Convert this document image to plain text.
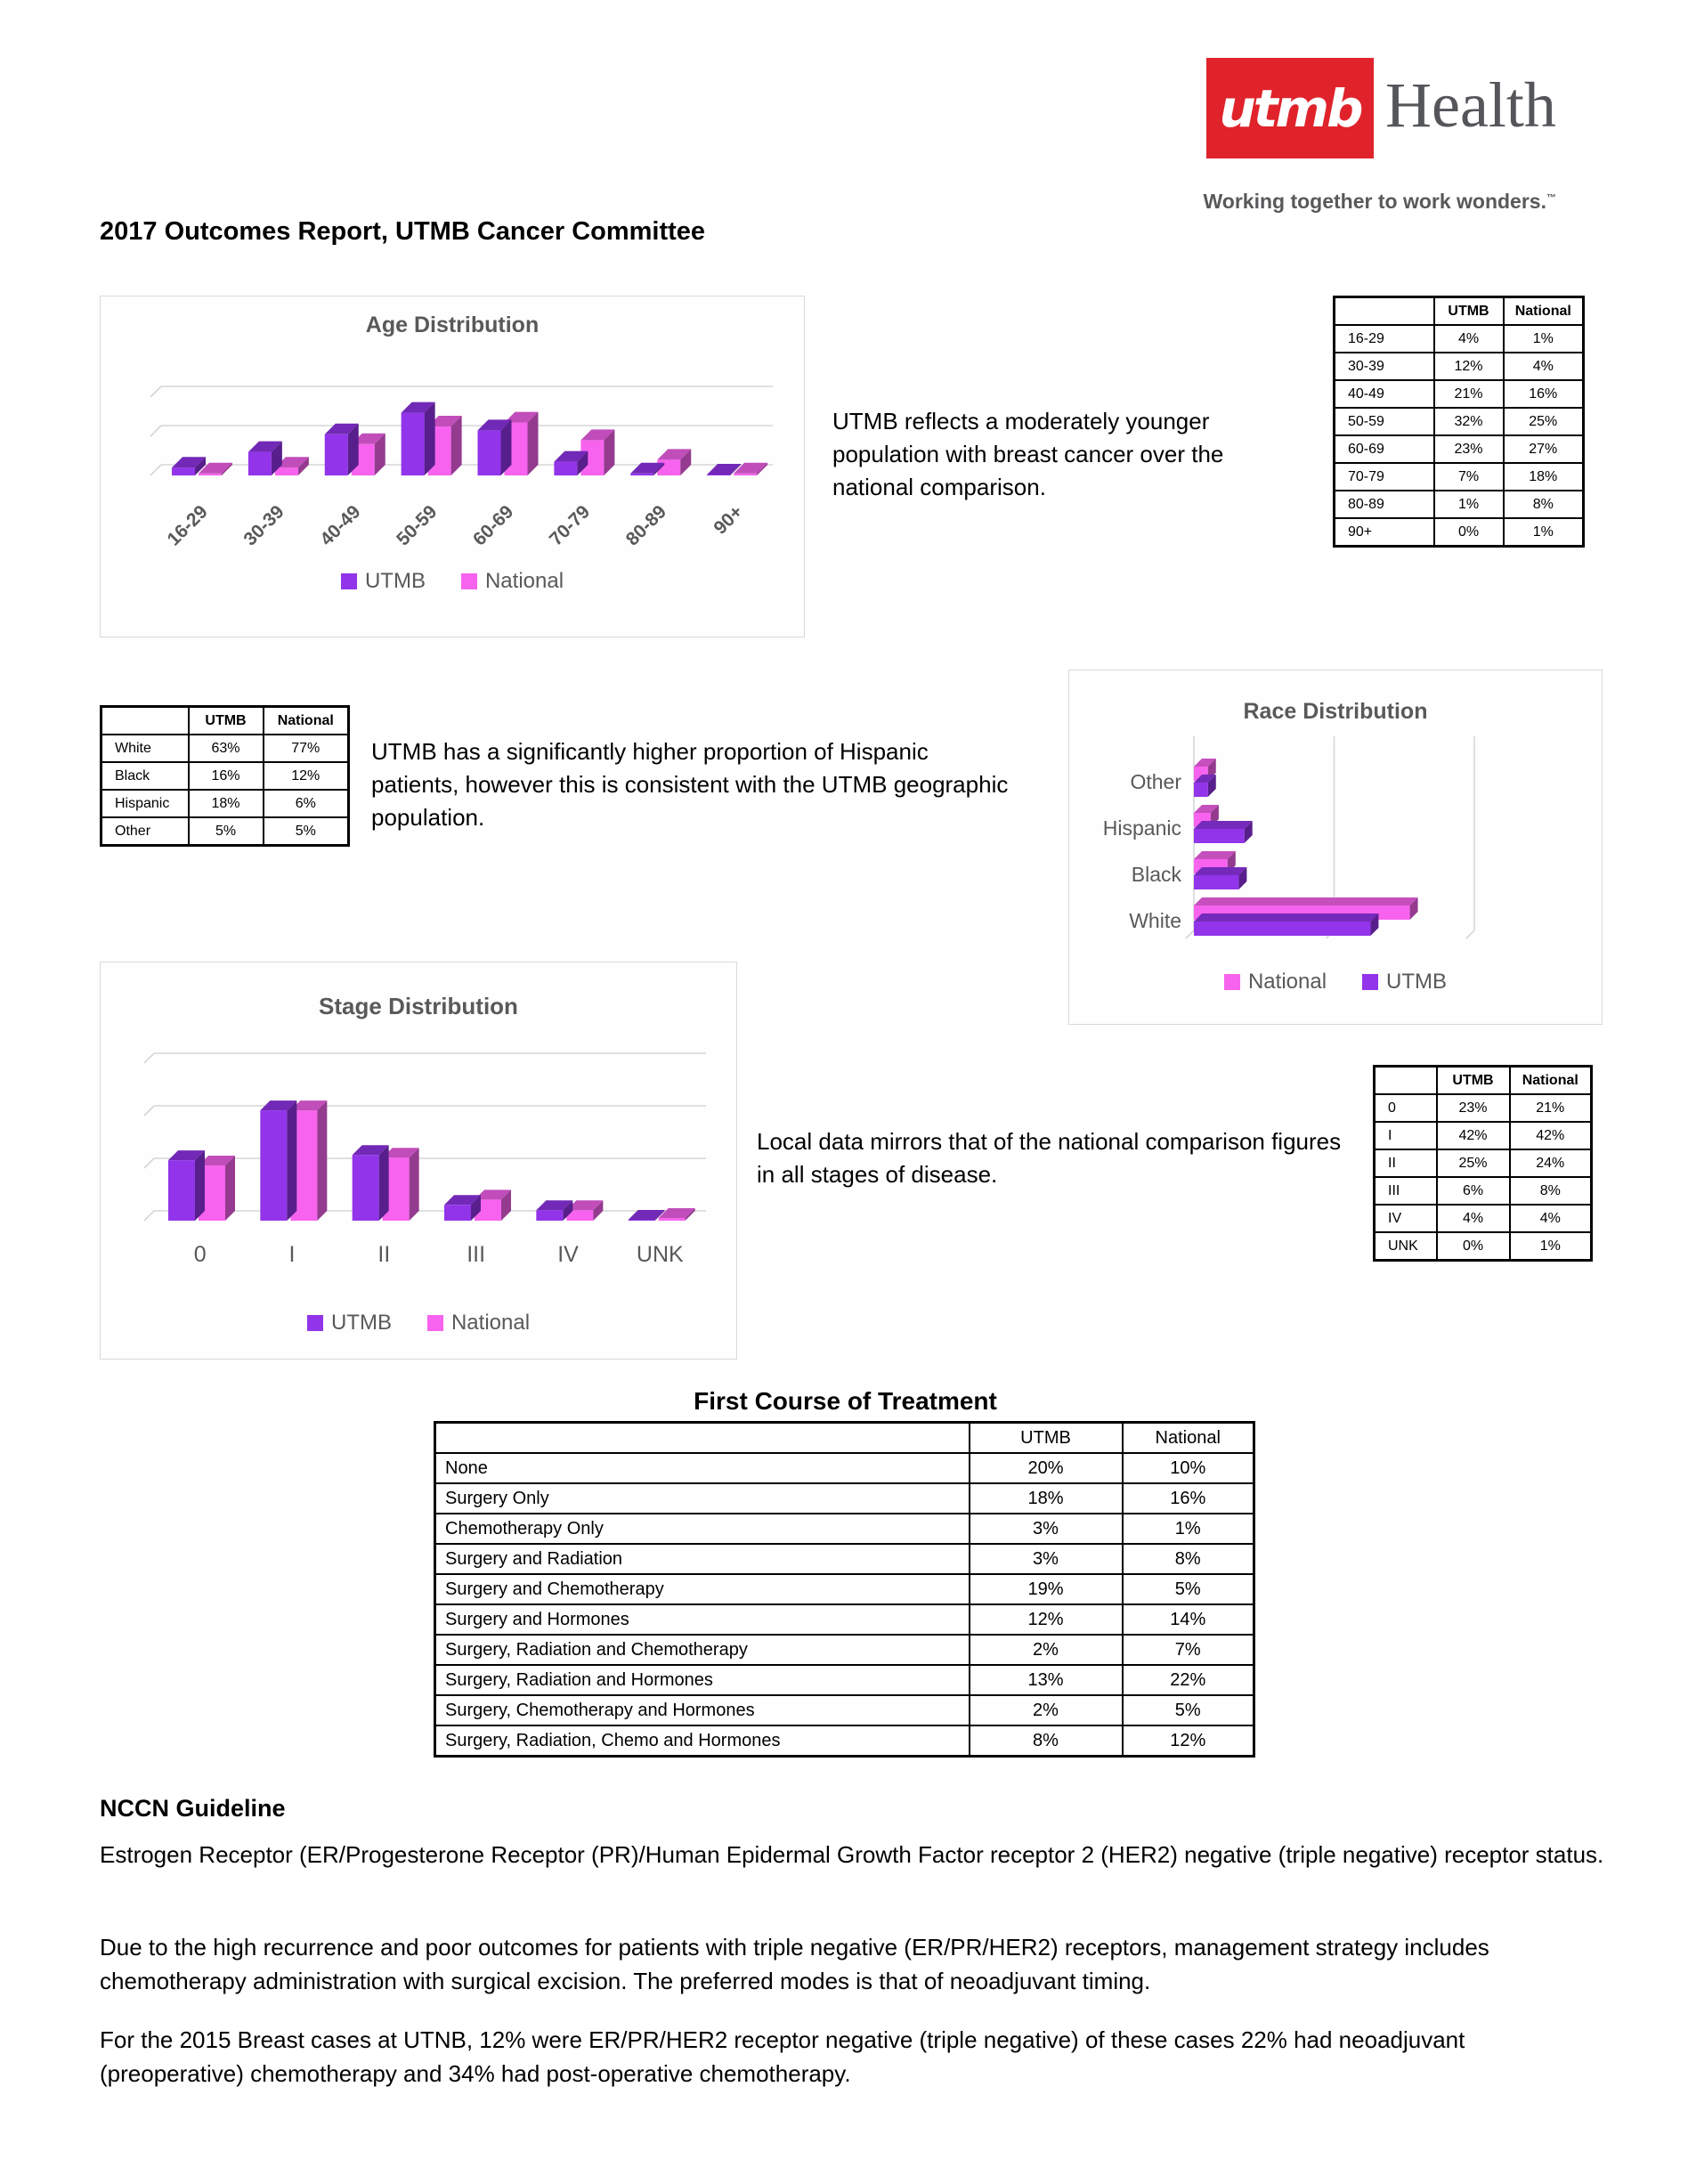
utmb Health
Working together to work wonders.™
2017 Outcomes Report, UTMB Cancer Committee
Age Distribution
16-29 30-39 40-49 50-59 60-69 70-79 80-89 90+
UTMB	National
	UTMB	National
16-29	4%	1%
30-39	12%	4%
40-49	21%	16%
50-59	32%	25%
60-69	23%	27%
70-79	7%	18%
80-89	1%	8%
90+	0%	1%
UTMB reflects a moderately younger population with breast cancer over the national comparison.
	UTMB	National
White	63%	77%
Black	16%	12%
Hispanic	18%	6%
Other	5%	5%
UTMB has a significantly higher proportion of Hispanic patients, however this is consistent with the UTMB geographic population.
Race Distribution
Other
Hispanic
Black
White
National	UTMB
Stage Distribution
0	I	II	III	IV	UNK
UTMB	National
	UTMB	National
0	23%	21%
I	42%	42%
II	25%	24%
III	6%	8%
IV	4%	4%
UNK	0%	1%
Local data mirrors that of the national comparison figures in all stages of disease.
First Course of Treatment
	UTMB	National
None	20%	10%
Surgery Only	18%	16%
Chemotherapy Only	3%	1%
Surgery and Radiation	3%	8%
Surgery and Chemotherapy	19%	5%
Surgery and Hormones	12%	14%
Surgery, Radiation and Chemotherapy	2%	7%
Surgery, Radiation and Hormones	13%	22%
Surgery, Chemotherapy and Hormones	2%	5%
Surgery, Radiation, Chemo and Hormones	8%	12%
NCCN Guideline
Estrogen Receptor (ER/Progesterone Receptor (PR)/Human Epidermal Growth Factor receptor 2 (HER2) negative (triple negative) receptor status.
Due to the high recurrence and poor outcomes for patients with triple negative (ER/PR/HER2) receptors, management strategy includes chemotherapy administration with surgical excision. The preferred modes is that of neoadjuvant timing.
For the 2015 Breast cases at UTNB, 12% were ER/PR/HER2 receptor negative (triple negative) of these cases 22% had neoadjuvant (preoperative) chemotherapy and 34% had post-operative chemotherapy.
